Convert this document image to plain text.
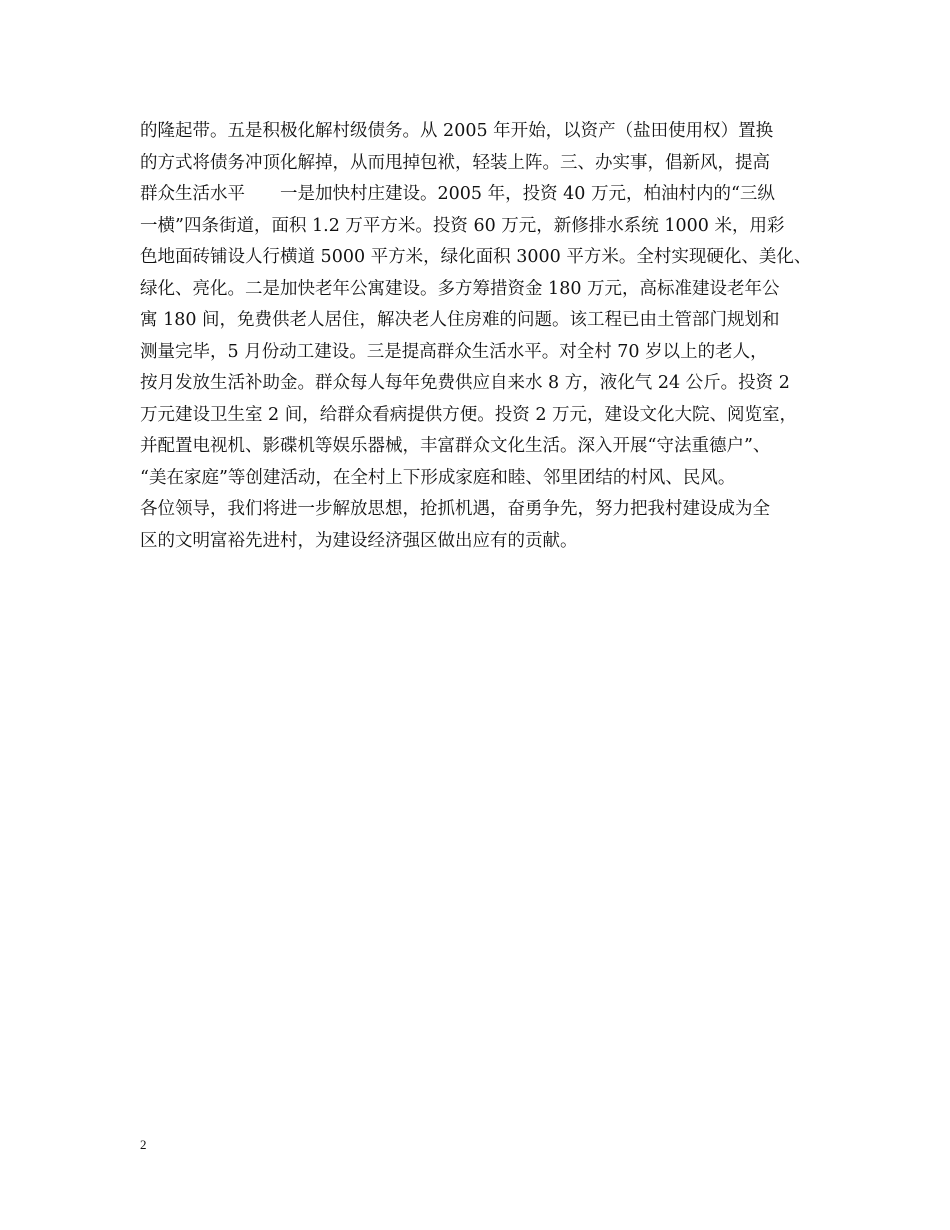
的隆起带。五是积极化解村级债务。从 2005 年开始，以资产（盐田使用权）置换
的方式将债务冲顶化解掉，从而甩掉包袱，轻装上阵。三、办实事，倡新风，提高
群众生活水平　　一是加快村庄建设。2005 年，投资 40 万元，柏油村内的“三纵
一横”四条街道，面积 1.2 万平方米。投资 60 万元，新修排水系统 1000 米，用彩
色地面砖铺设人行横道 5000 平方米，绿化面积 3000 平方米。全村实现硬化、美化、
绿化、亮化。二是加快老年公寓建设。多方筹措资金 180 万元，高标准建设老年公
寓 180 间，免费供老人居住，解决老人住房难的问题。该工程已由土管部门规划和
测量完毕，5 月份动工建设。三是提高群众生活水平。对全村 70 岁以上的老人，
按月发放生活补助金。群众每人每年免费供应自来水 8 方，液化气 24 公斤。投资 2
万元建设卫生室 2 间，给群众看病提供方便。投资 2 万元，建设文化大院、阅览室，
并配置电视机、影碟机等娱乐器械，丰富群众文化生活。深入开展“守法重德户”、
“美在家庭”等创建活动，在全村上下形成家庭和睦、邻里团结的村风、民风。
各位领导，我们将进一步解放思想，抢抓机遇，奋勇争先，努力把我村建设成为全
区的文明富裕先进村，为建设经济强区做出应有的贡献。
2
